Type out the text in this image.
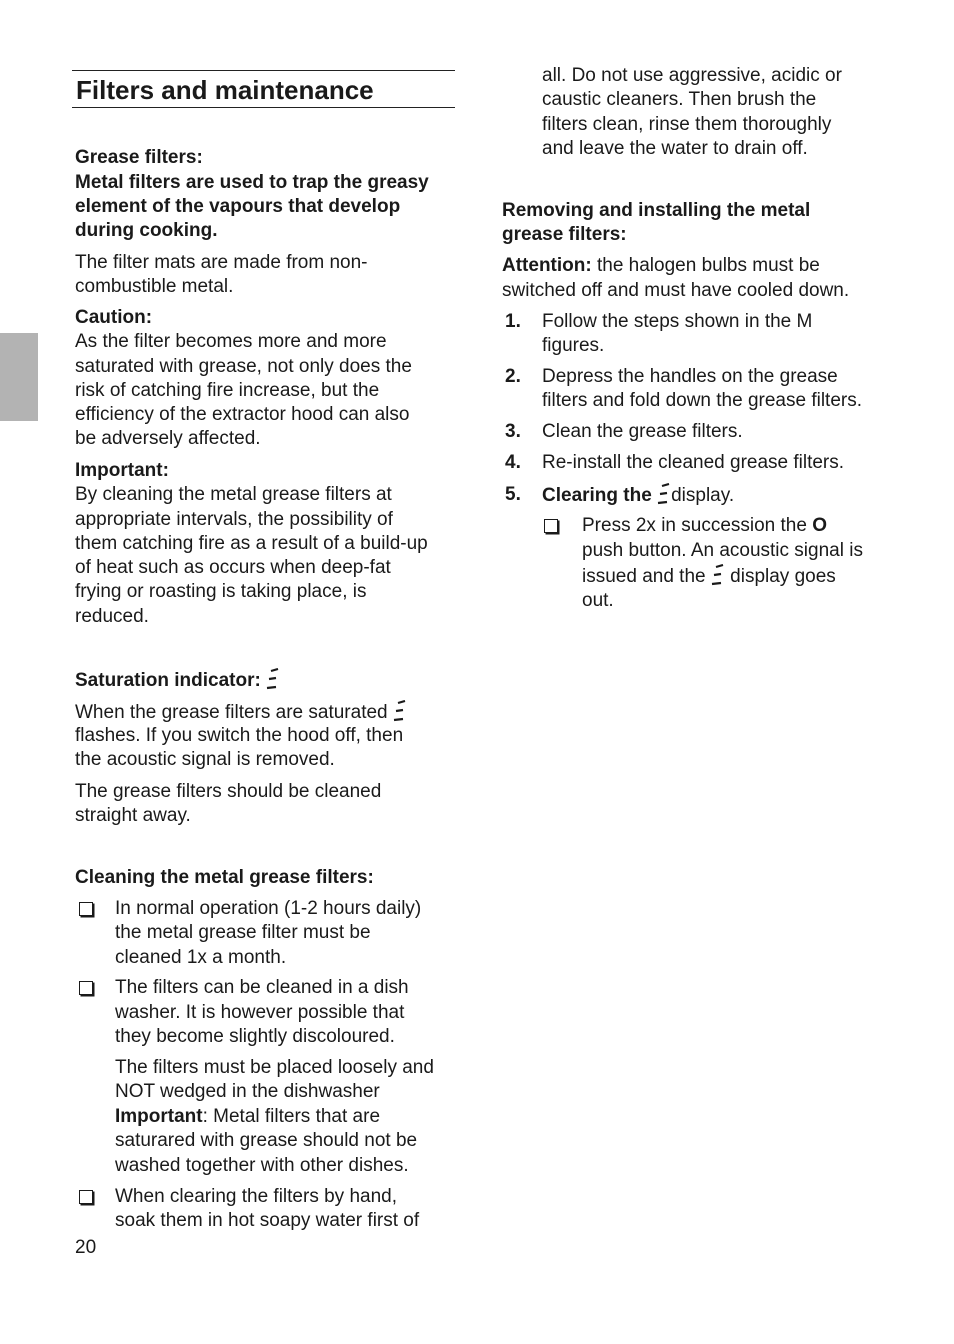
Filters and maintenance

Grease filters:

Metal filters are used to trap the greasy

element of the vapours that develop

during cooking.

The filter mats are made from non-

combustible metal.

Caution:

As the filter becomes more and more

saturated with grease, not only does the

risk of catching fire increase, but the

efficiency of the extractor hood can also

be adversely affected.

Important:

By cleaning the metal grease filters at

appropriate intervals, the possibility of

them catching fire as a result of a build-up

of heat such as occurs when deep-fat

frying or roasting is taking place, is

reduced.

Saturation indicator:

When the grease filters are saturated

flashes. If you switch the hood off, then

the acoustic signal is removed.

The grease filters should be cleaned

straight away.

Cleaning the metal grease filters:

In normal operation (1-2 hours daily)

the metal grease filter must be

cleaned 1x a month.

The filters can be cleaned in a dish

washer. It is however possible that

they become slightly discoloured.

The filters must be placed loosely and

NOT wedged in the dishwasher

Important: Metal filters that are

saturared with grease should not be

washed together with other dishes.

When clearing the filters by hand,

soak them in hot soapy water first of

20

all. Do not use aggressive, acidic or

caustic cleaners. Then brush the

filters clean, rinse them thoroughly

and leave the water to drain off.

Removing and installing the metal

grease filters:

Attention: the halogen bulbs must be

switched off and must have cooled down.

1. Follow the steps shown in the M

figures.

2. Depress the handles on the grease

filters and fold down the grease filters.

3. Clean the grease filters.

4. Re-install the cleaned grease filters.

5. Clearing the display.

Press 2x in succession the O

push button. An acoustic signal is

issued and the display goes

out.
